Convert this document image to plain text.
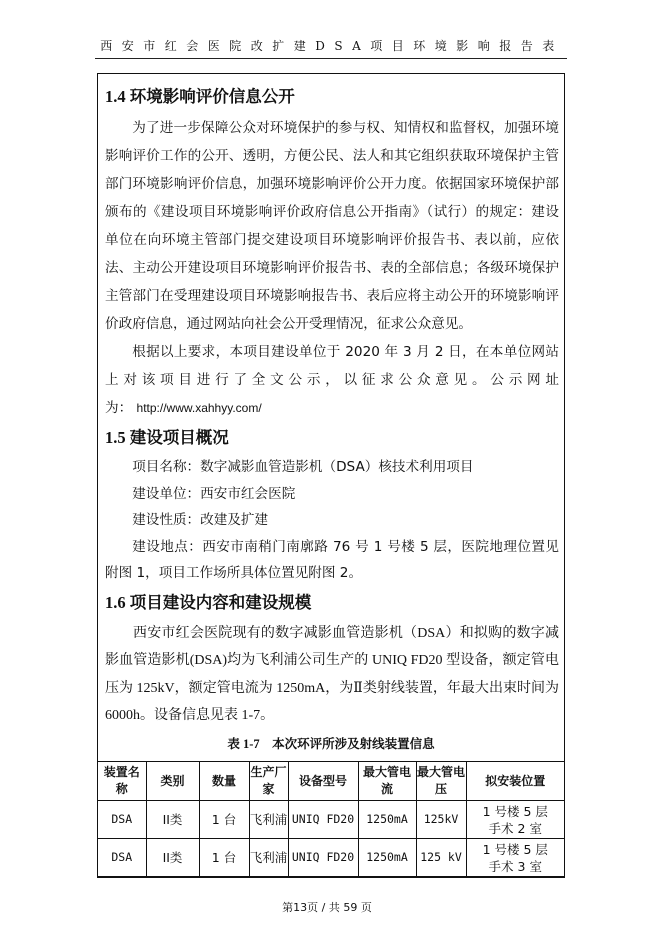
西安市红会医院改扩建DSA项目环境影响报告表
1.4 环境影响评价信息公开

为了进一步保障公众对环境保护的参与权、知情权和监督权，加强环境影响评价工作的公开、透明，方便公民、法人和其它组织获取环境保护主管部门环境影响评价信息，加强环境影响评价公开力度。依据国家环境保护部颁布的《建设项目环境影响评价政府信息公开指南》（试行）的规定：建设单位在向环境主管部门提交建设项目环境影响评价报告书、表以前，应依法、主动公开建设项目环境影响评价报告书、表的全部信息；各级环境保护主管部门在受理建设项目环境影响报告书、表后应将主动公开的环境影响评价政府信息，通过网站向社会公开受理情况，征求公众意见。

根据以上要求，本项目建设单位于 2020 年 3 月 2 日，在本单位网站上对该项目进行了全文公示，以征求公众意见。公示网址为： http://www.xahhyy.com/

1.5 建设项目概况

项目名称：数字减影血管造影机（DSA）核技术利用项目

建设单位：西安市红会医院

建设性质：改建及扩建

建设地点：西安市南稍门南廓路 76 号 1 号楼 5 层，医院地理位置见附图 1，项目工作场所具体位置见附图 2。

1.6 项目建设内容和建设规模

西安市红会医院现有的数字减影血管造影机（DSA）和拟购的数字减影血管造影机(DSA)均为飞利浦公司生产的 UNIQ FD20 型设备，额定管电压为 125kV，额定管电流为 1250mA，为Ⅱ类射线装置，年最大出束时间为 6000h。设备信息见表 1-7。

表 1-7　本次环评所涉及射线装置信息
装置名称	类别	数量	生产厂家	设备型号	最大管电流	最大管电压	拟安装位置
DSA	II类	1 台	飞利浦	UNIQ FD20	1250mA	125kV	1 号楼 5 层手术 2 室
DSA	II类	1 台	飞利浦	UNIQ FD20	1250mA	125 kV	1 号楼 5 层手术 3 室
第13页 / 共 59 页
